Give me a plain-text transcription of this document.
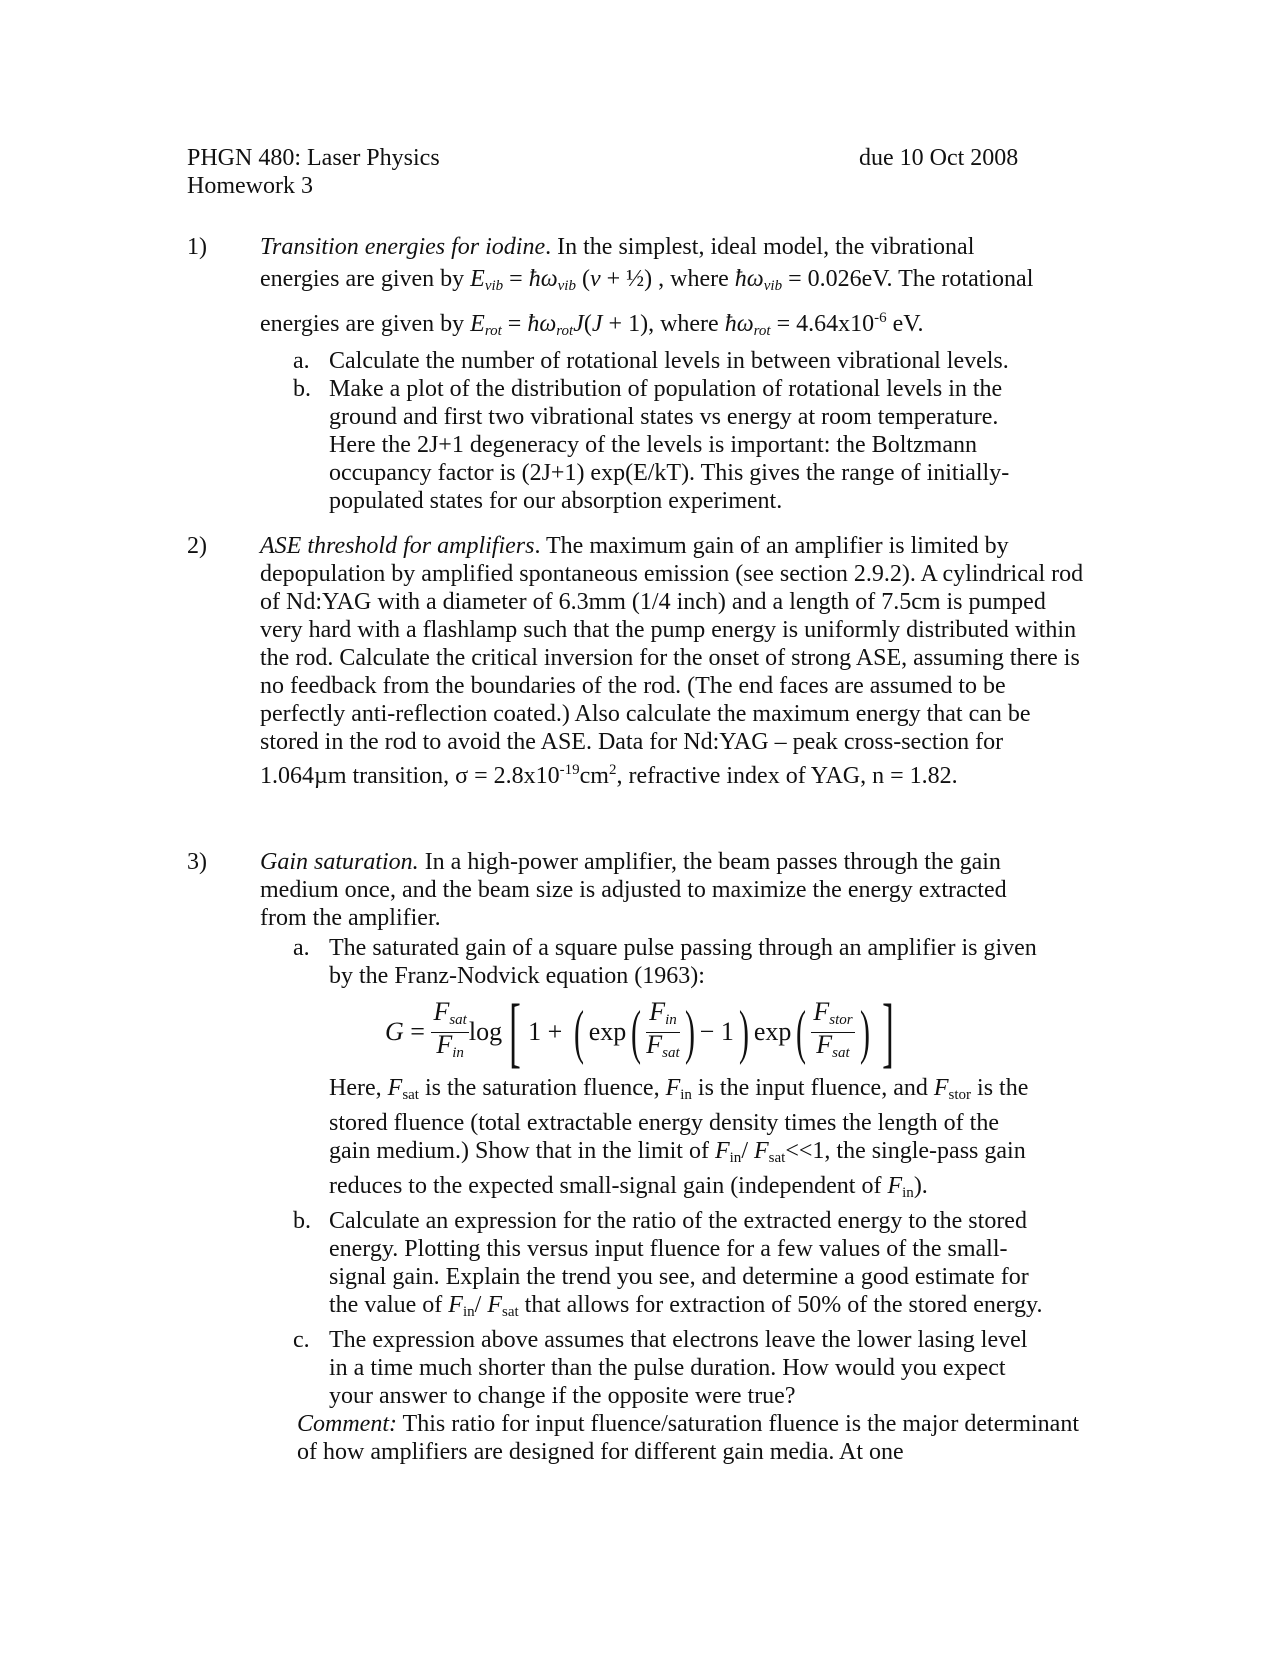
PHGN 480: Laser Physics
Homework 3
due 10 Oct 2008
1)	Transition energies for iodine. In the simplest, ideal model, the vibrational
energies are given by $E_{vib}$ = $ħ\omega_{vib}$ (v + ½) , where $ħ\omega_{vib} = 0.026eV$. The rotational
energies are given by $E_{rot}$ = $ħ\omega_{rot}J(J + 1)$, where $ħ\omega_{rot} = 4.64x10^{-6}$ eV.
a. Calculate the number of rotational levels in between vibrational levels.
b. Make a plot of the distribution of population of rotational levels in the ground and first two vibrational states vs energy at room temperature. Here the 2J+1 degeneracy of the levels is important: the Boltzmann occupancy factor is (2J+1) exp(E/kT). This gives the range of initially-populated states for our absorption experiment.
2)	ASE threshold for amplifiers. The maximum gain of an amplifier is limited by depopulation by amplified spontaneous emission (see section 2.9.2). A cylindrical rod of Nd:YAG with a diameter of 6.3mm (1/4 inch) and a length of 7.5cm is pumped very hard with a flashlamp such that the pump energy is uniformly distributed within the rod. Calculate the critical inversion for the onset of strong ASE, assuming there is no feedback from the boundaries of the rod. (The end faces are assumed to be perfectly anti-reflection coated.) Also calculate the maximum energy that can be stored in the rod to avoid the ASE. Data for Nd:YAG – peak cross-section for 1.064µm transition, $\sigma = 2.8x10^{-19}cm^2$, refractive index of YAG, n = 1.82.
3)	Gain saturation. In a high-power amplifier, the beam passes through the gain medium once, and the beam size is adjusted to maximize the energy extracted from the amplifier.
a. The saturated gain of a square pulse passing through an amplifier is given by the Franz-Nodvick equation (1963):
G
=
$\frac{F_{sat}}{F_{in}}$ log [ 1 +
( exp ( $\frac{F_{in}}{F_{sat}}$ ) − 1 ) exp ( $\frac{F_{stor}}{F_{sat}}$ ) ]
Here, Fsat is the saturation fluence, Fin is the input fluence, and Fstor is the stored fluence (total extractable energy density times the length of the gain medium.) Show that in the limit of Fin/ Fsat<<1, the single-pass gain reduces to the expected small-signal gain (independent of Fin).
b. Calculate an expression for the ratio of the extracted energy to the stored energy. Plotting this versus input fluence for a few values of the small-signal gain. Explain the trend you see, and determine a good estimate for the value of Fin/ Fsat that allows for extraction of 50% of the stored energy.
c. The expression above assumes that electrons leave the lower lasing level in a time much shorter than the pulse duration. How would you expect your answer to change if the opposite were true?
Comment: This ratio for input fluence/saturation fluence is the major determinant of how amplifiers are designed for different gain media. At one
